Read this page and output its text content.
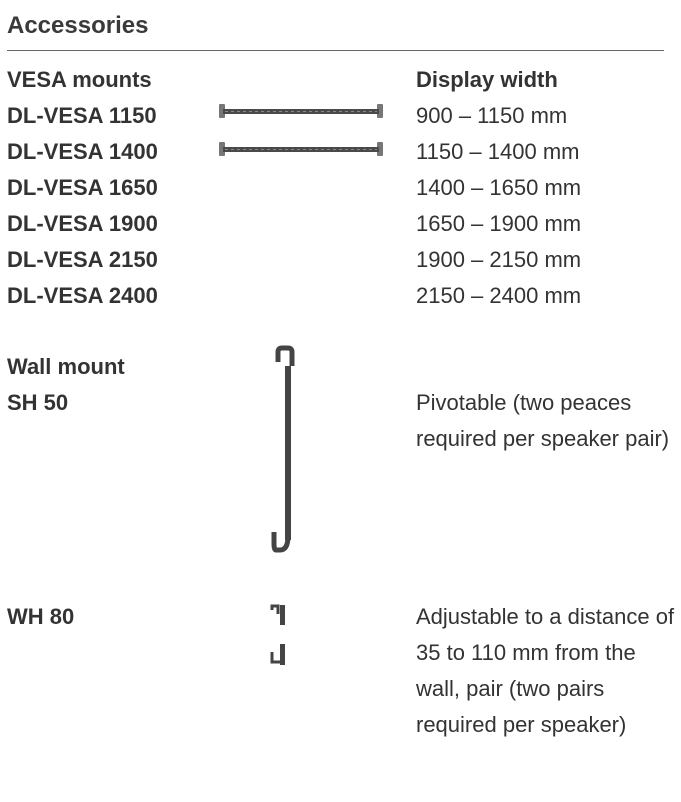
Accessories
VESA mounts
DL-VESA 1150
DL-VESA 1400
DL-VESA 1650
DL-VESA 1900
DL-VESA 2150
DL-VESA 2400
Display width
900 – 1150 mm
1150 – 1400 mm
1400 – 1650 mm
1650 – 1900 mm
1900 – 2150 mm
2150 – 2400 mm
Wall mount
SH 50	Pivotable (two peaces required per speaker pair)
WH 80	Adjustable to a distance of 35 to 110 mm from the wall, pair (two pairs required per speaker)
